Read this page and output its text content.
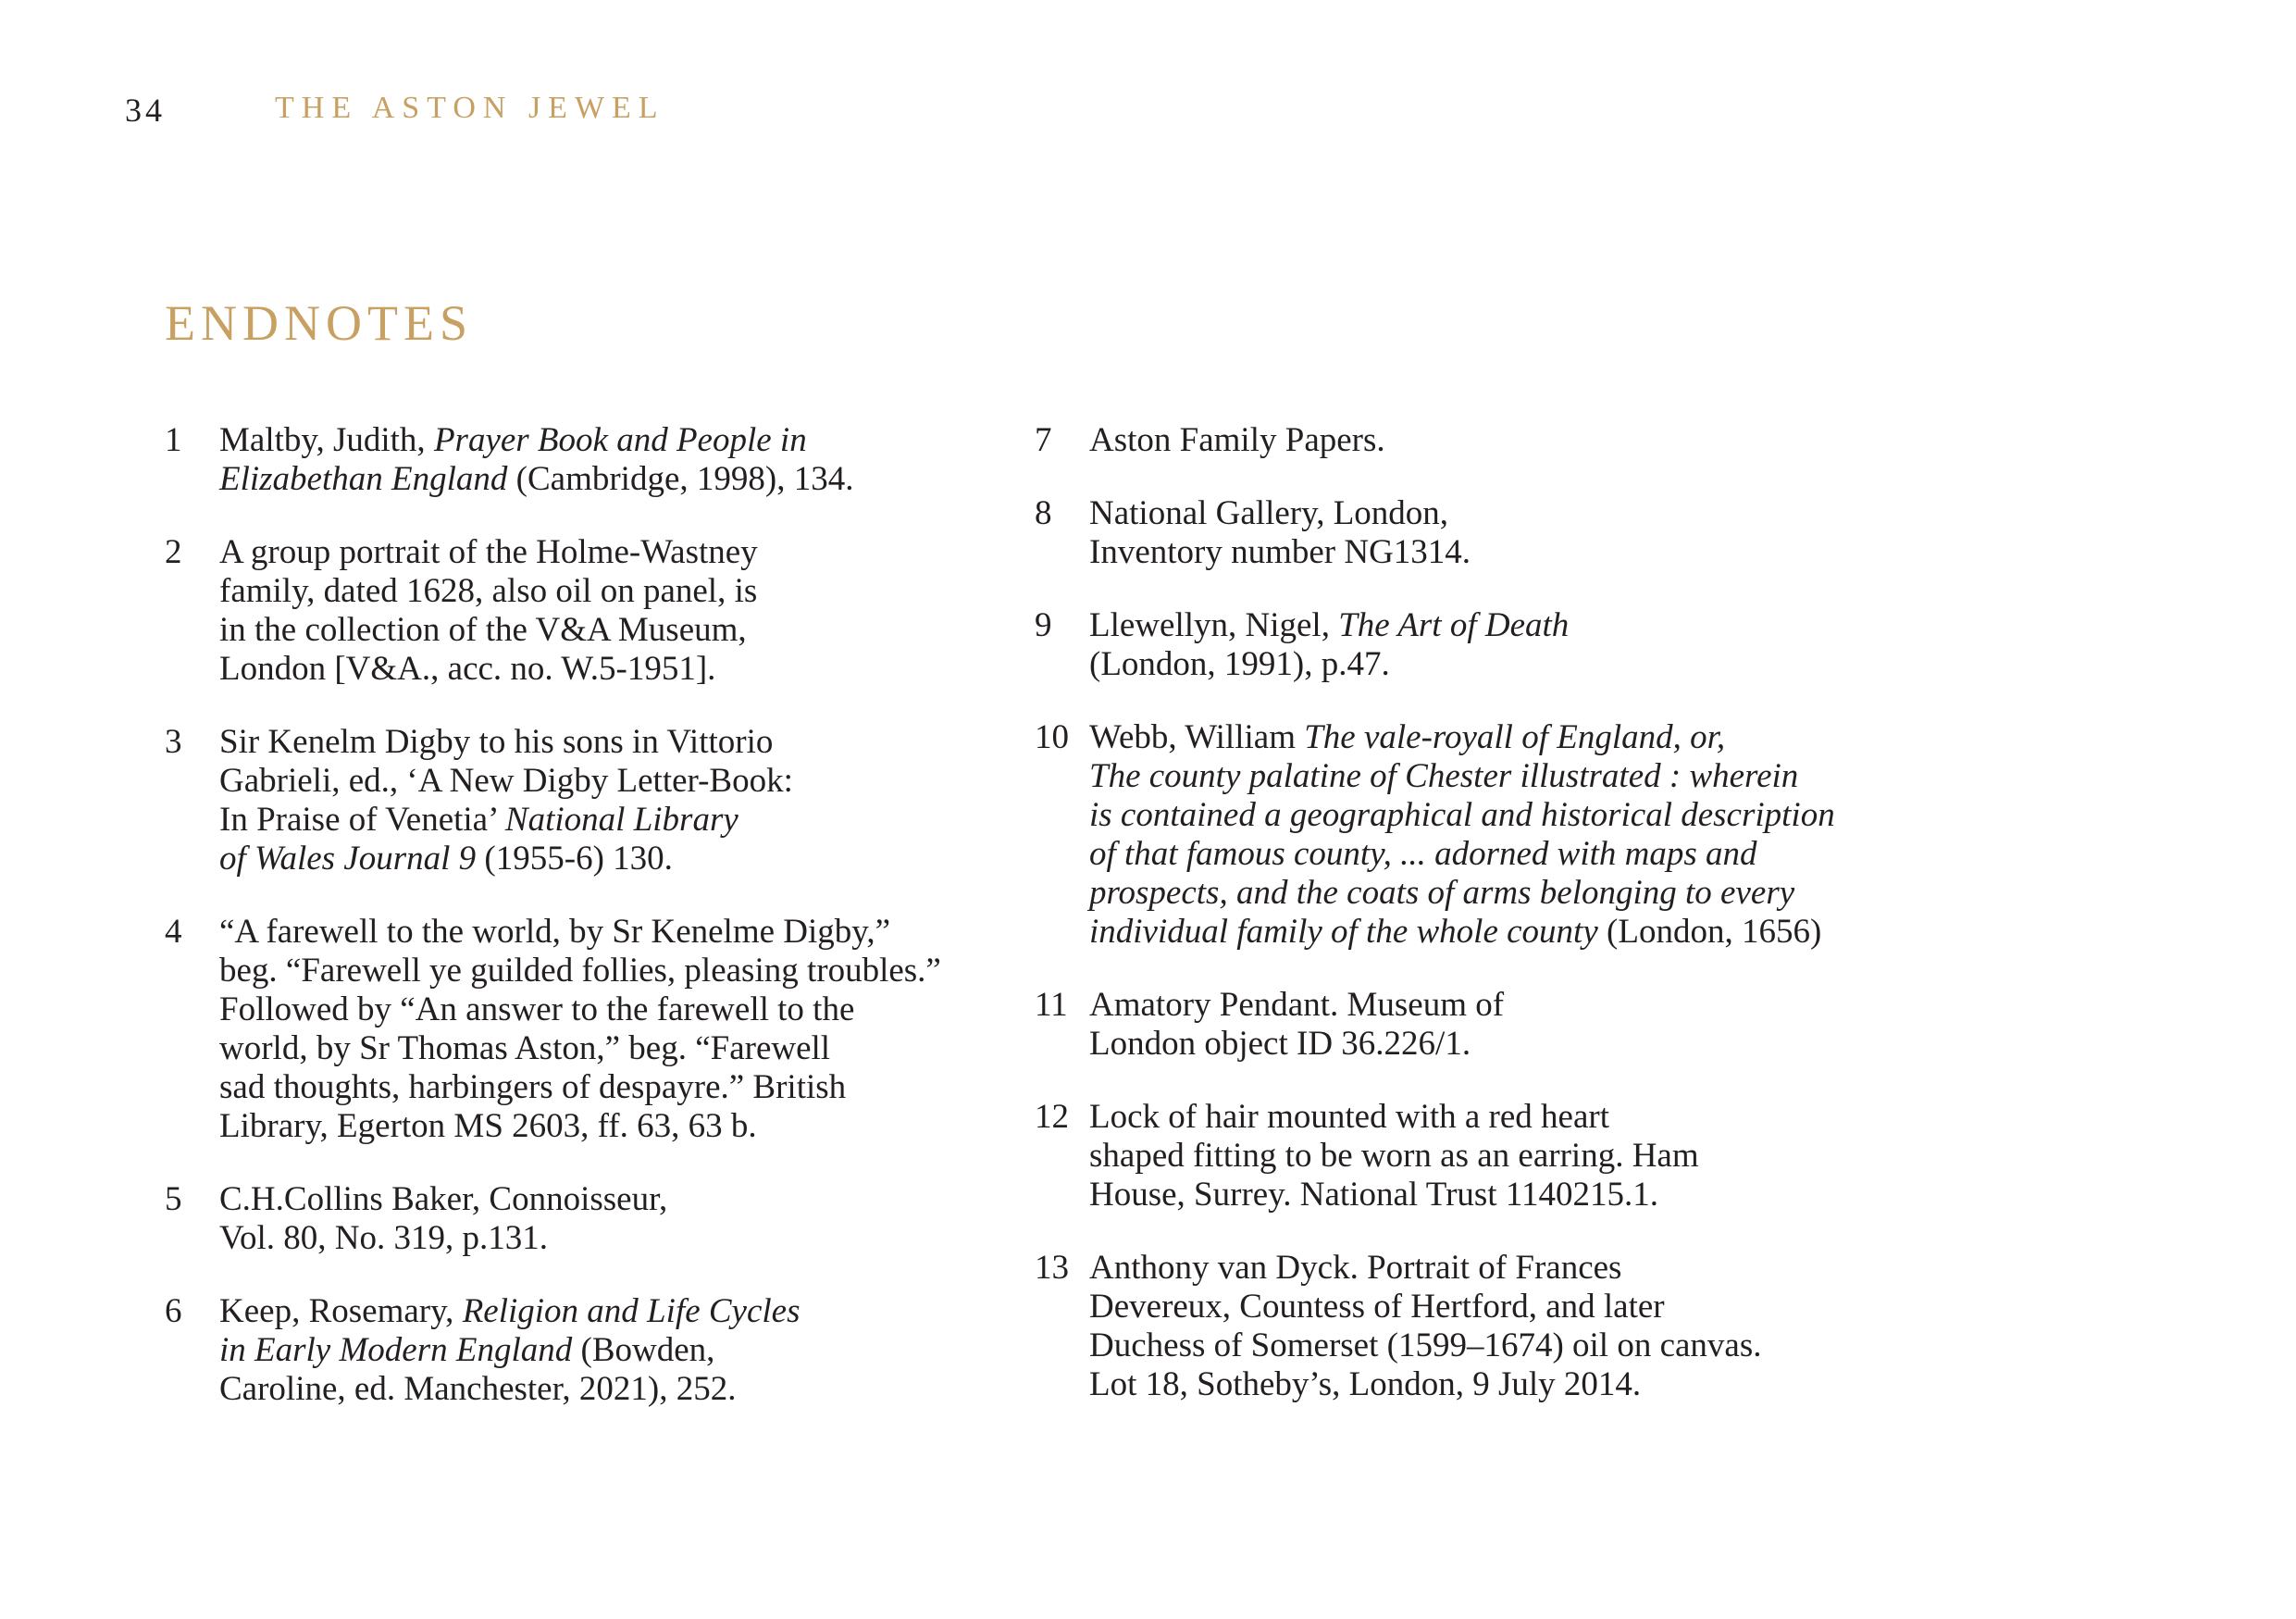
34	THE ASTON JEWEL
ENDNOTES
1	Maltby, Judith, Prayer Book and People in
Elizabethan England (Cambridge, 1998), 134.
2	A group portrait of the Holme-Wastney
family, dated 1628, also oil on panel, is
in the collection of the V&A Museum,
London [V&A., acc. no. W.5-1951].
3	Sir Kenelm Digby to his sons in Vittorio
Gabrieli, ed., ‘A New Digby Letter-Book:
In Praise of Venetia’ National Library
of Wales Journal 9 (1955-6) 130.
4	“A farewell to the world, by Sr Kenelme Digby,”
beg. “Farewell ye guilded follies, pleasing troubles.”
Followed by “An answer to the farewell to the
world, by Sr Thomas Aston,” beg. “Farewell
sad thoughts, harbingers of despayre.” British
Library, Egerton MS 2603, ff. 63, 63 b.
5	C.H.Collins Baker, Connoisseur,
Vol. 80, No. 319, p.131.
6	Keep, Rosemary, Religion and Life Cycles
in Early Modern England (Bowden,
Caroline, ed. Manchester, 2021), 252.
7	Aston Family Papers.
8	National Gallery, London,
Inventory number NG1314.
9	Llewellyn, Nigel, The Art of Death
(London, 1991), p.47.
10 Webb, William The vale-royall of England, or,
The county palatine of Chester illustrated : wherein
is contained a geographical and historical description
of that famous county, ... adorned with maps and
prospects, and the coats of arms belonging to every
individual family of the whole county (London, 1656)
11 Amatory Pendant. Museum of
London object ID 36.226/1.
12 Lock of hair mounted with a red heart
shaped fitting to be worn as an earring. Ham
House, Surrey. National Trust 1140215.1.
13 Anthony van Dyck. Portrait of Frances
Devereux, Countess of Hertford, and later
Duchess of Somerset (1599–1674) oil on canvas.
Lot 18, Sotheby’s, London, 9 July 2014.
